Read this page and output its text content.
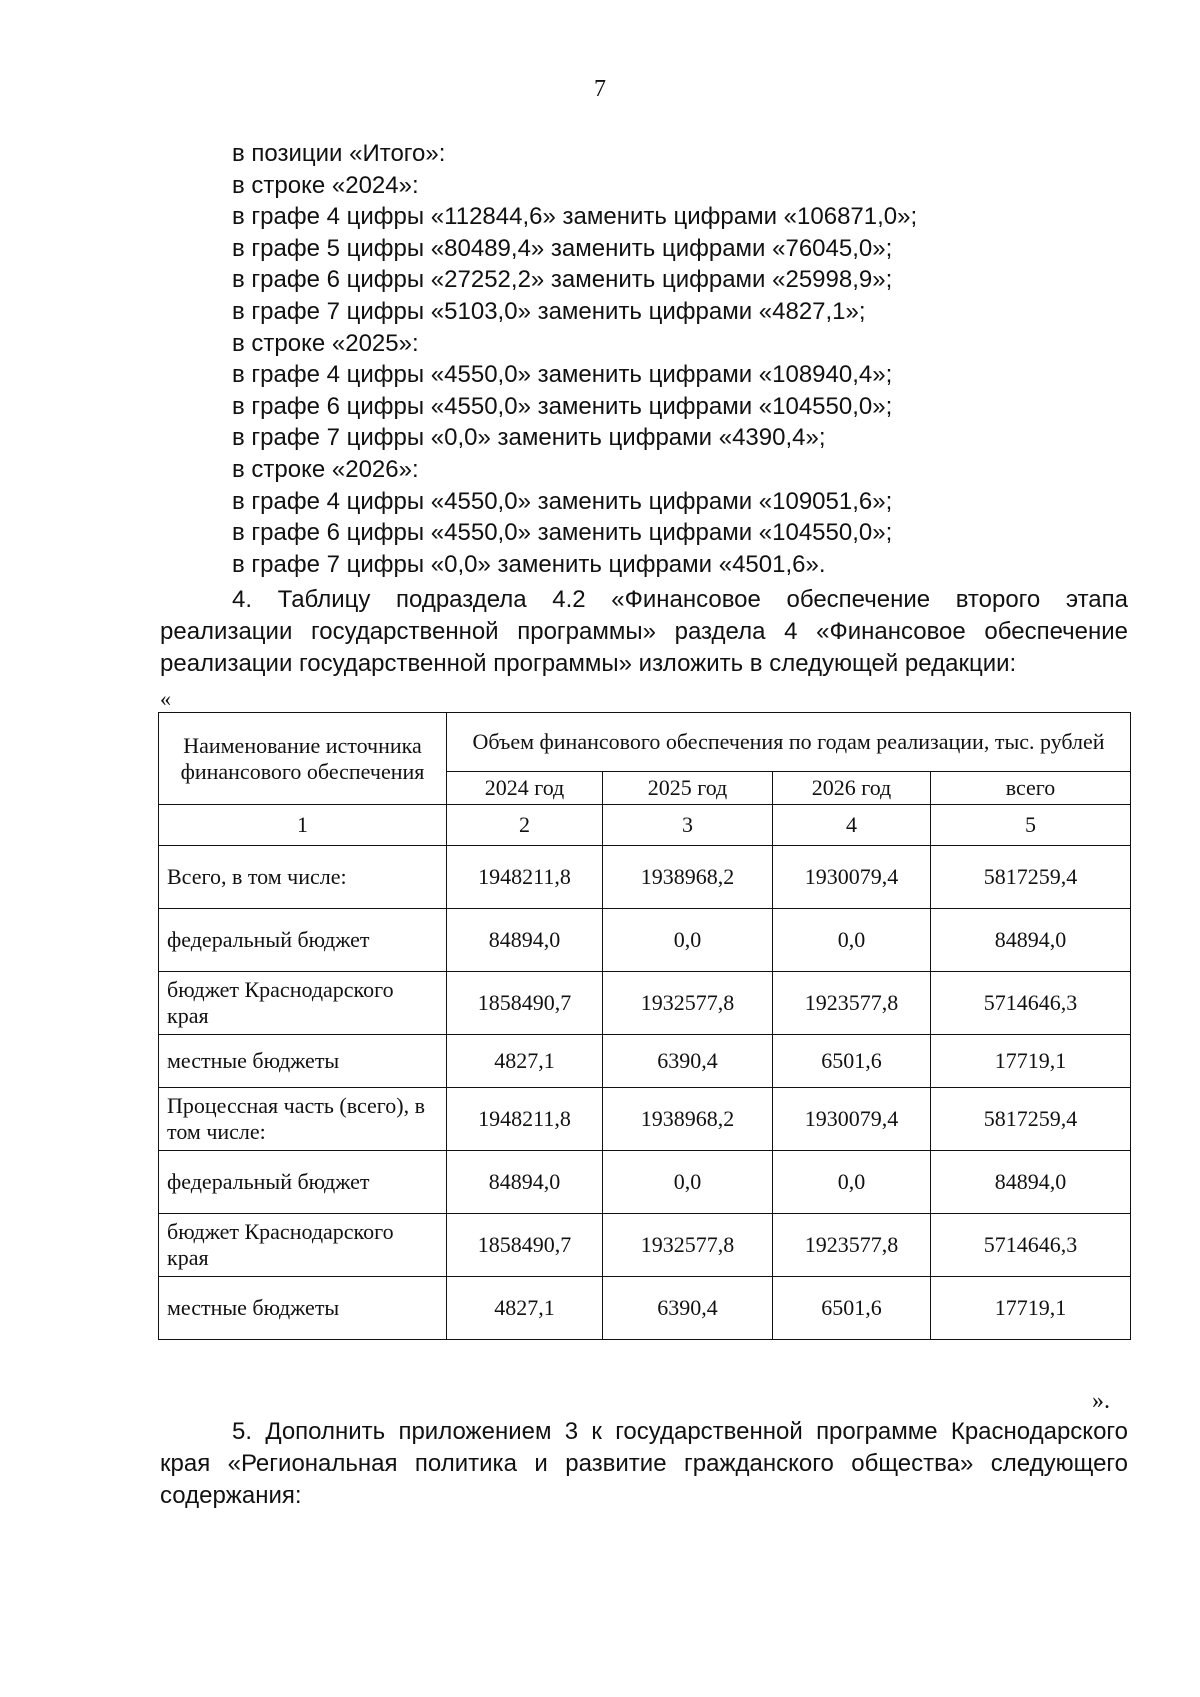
7
в позиции «Итого»:
в строке «2024»:
в графе 4 цифры «112844,6» заменить цифрами «106871,0»;
в графе 5 цифры «80489,4» заменить цифрами «76045,0»;
в графе 6 цифры «27252,2» заменить цифрами «25998,9»;
в графе 7 цифры «5103,0» заменить цифрами «4827,1»;
в строке «2025»:
в графе 4 цифры «4550,0» заменить цифрами «108940,4»;
в графе 6 цифры «4550,0» заменить цифрами «104550,0»;
в графе 7 цифры «0,0» заменить цифрами «4390,4»;
в строке «2026»:
в графе 4 цифры «4550,0» заменить цифрами «109051,6»;
в графе 6 цифры «4550,0» заменить цифрами «104550,0»;
в графе 7 цифры «0,0» заменить цифрами «4501,6».
4. Таблицу подраздела 4.2 «Финансовое обеспечение второго этапа реализации государственной программы» раздела 4 «Финансовое обеспечение реализации государственной программы» изложить в следующей редакции:
«
Наименование источника финансового обеспечения	Объем финансового обеспечения по годам реализации, тыс. рублей			
	2024 год	2025 год	2026 год	всего
1	2	3	4	5
Всего, в том числе:	1948211,8	1938968,2	1930079,4	5817259,4
федеральный бюджет	84894,0	0,0	0,0	84894,0
бюджет Краснодарского края	1858490,7	1932577,8	1923577,8	5714646,3
местные бюджеты	4827,1	6390,4	6501,6	17719,1
Процессная часть (всего), в том числе:	1948211,8	1938968,2	1930079,4	5817259,4
федеральный бюджет	84894,0	0,0	0,0	84894,0
бюджет Краснодарского края	1858490,7	1932577,8	1923577,8	5714646,3
местные бюджеты	4827,1	6390,4	6501,6	17719,1
».
5. Дополнить приложением 3 к государственной программе Краснодарского края «Региональная политика и развитие гражданского общества» следующего содержания:
